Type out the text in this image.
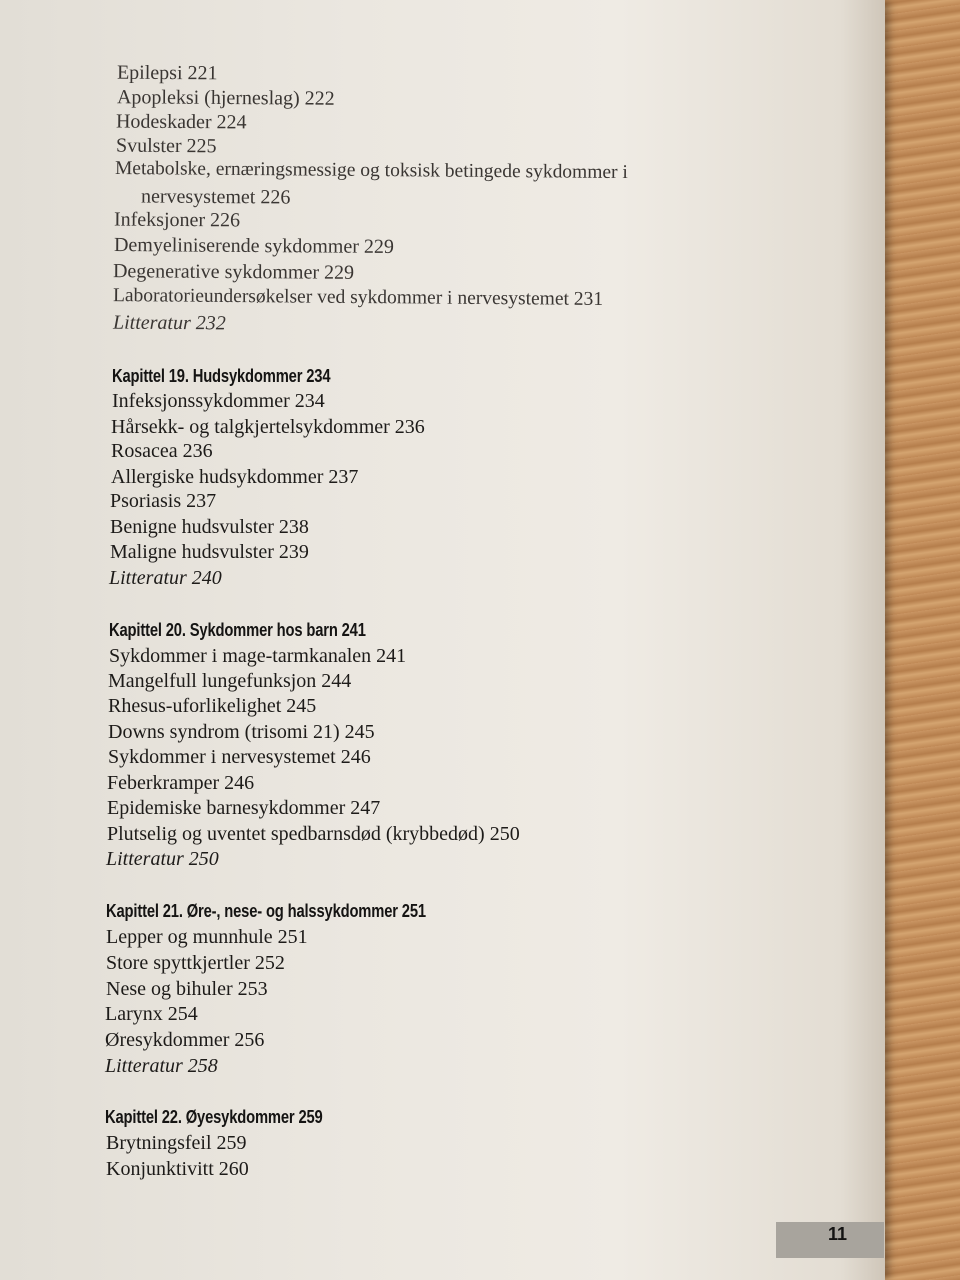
Epilepsi 221
Apopleksi (hjerneslag) 222
Hodeskader 224
Svulster 225
Metabolske, ernæringsmessige og toksisk betingede sykdommer i
nervesystemet 226
Infeksjoner 226
Demyeliniserende sykdommer 229
Degenerative sykdommer 229
Laboratorieundersøkelser ved sykdommer i nervesystemet 231
Litteratur 232
Kapittel 19. Hudsykdommer 234
Infeksjonssykdommer 234
Hårsekk- og talgkjertelsykdommer 236
Rosacea 236
Allergiske hudsykdommer 237
Psoriasis 237
Benigne hudsvulster 238
Maligne hudsvulster 239
Litteratur 240
Kapittel 20. Sykdommer hos barn 241
Sykdommer i mage-tarmkanalen 241
Mangelfull lungefunksjon 244
Rhesus-uforlikelighet 245
Downs syndrom (trisomi 21) 245
Sykdommer i nervesystemet 246
Feberkramper 246
Epidemiske barnesykdommer 247
Plutselig og uventet spedbarnsdød (krybbedød) 250
Litteratur 250
Kapittel 21. Øre-, nese- og halssykdommer 251
Lepper og munnhule 251
Store spyttkjertler 252
Nese og bihuler 253
Larynx 254
Øresykdommer 256
Litteratur 258
Kapittel 22. Øyesykdommer 259
Brytningsfeil 259
Konjunktivitt 260
11
